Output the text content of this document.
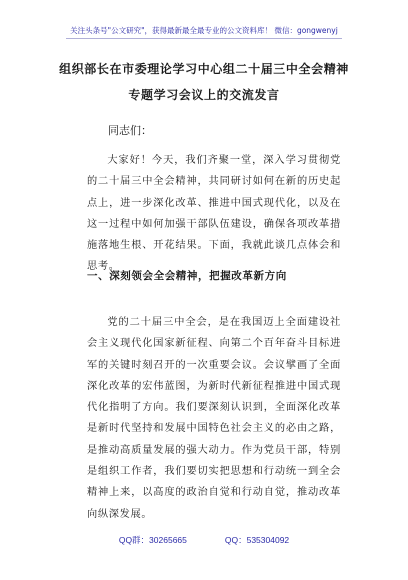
关注头条号"公文研究"，获得最新最全最专业的公文资料库！ 微信：gongwenyj
组织部长在市委理论学习中心组二十届三中全会精神专题学习会议上的交流发言
同志们：

大家好！今天，我们齐聚一堂，深入学习贯彻党的二十届三中全会精神，共同研讨如何在新的历史起点上，进一步深化改革、推进中国式现代化，以及在这一过程中如何加强干部队伍建设，确保各项改革措施落地生根、开花结果。下面，我就此谈几点体会和思考。

一、深刻领会全会精神，把握改革新方向

党的二十届三中全会，是在我国迈上全面建设社会主义现代化国家新征程、向第二个百年奋斗目标进军的关键时刻召开的一次重要会议。会议擘画了全面深化改革的宏伟蓝图，为新时代新征程推进中国式现代化指明了方向。我们要深刻认识到，全面深化改革是新时代坚持和发展中国特色社会主义的必由之路，是推动高质量发展的强大动力。作为党员干部，特别是组织工作者，我们要切实把思想和行动统一到全会精神上来，以高度的政治自觉和行动自觉，推动改革向纵深发展。

QQ群：30265665	QQ：535304092
